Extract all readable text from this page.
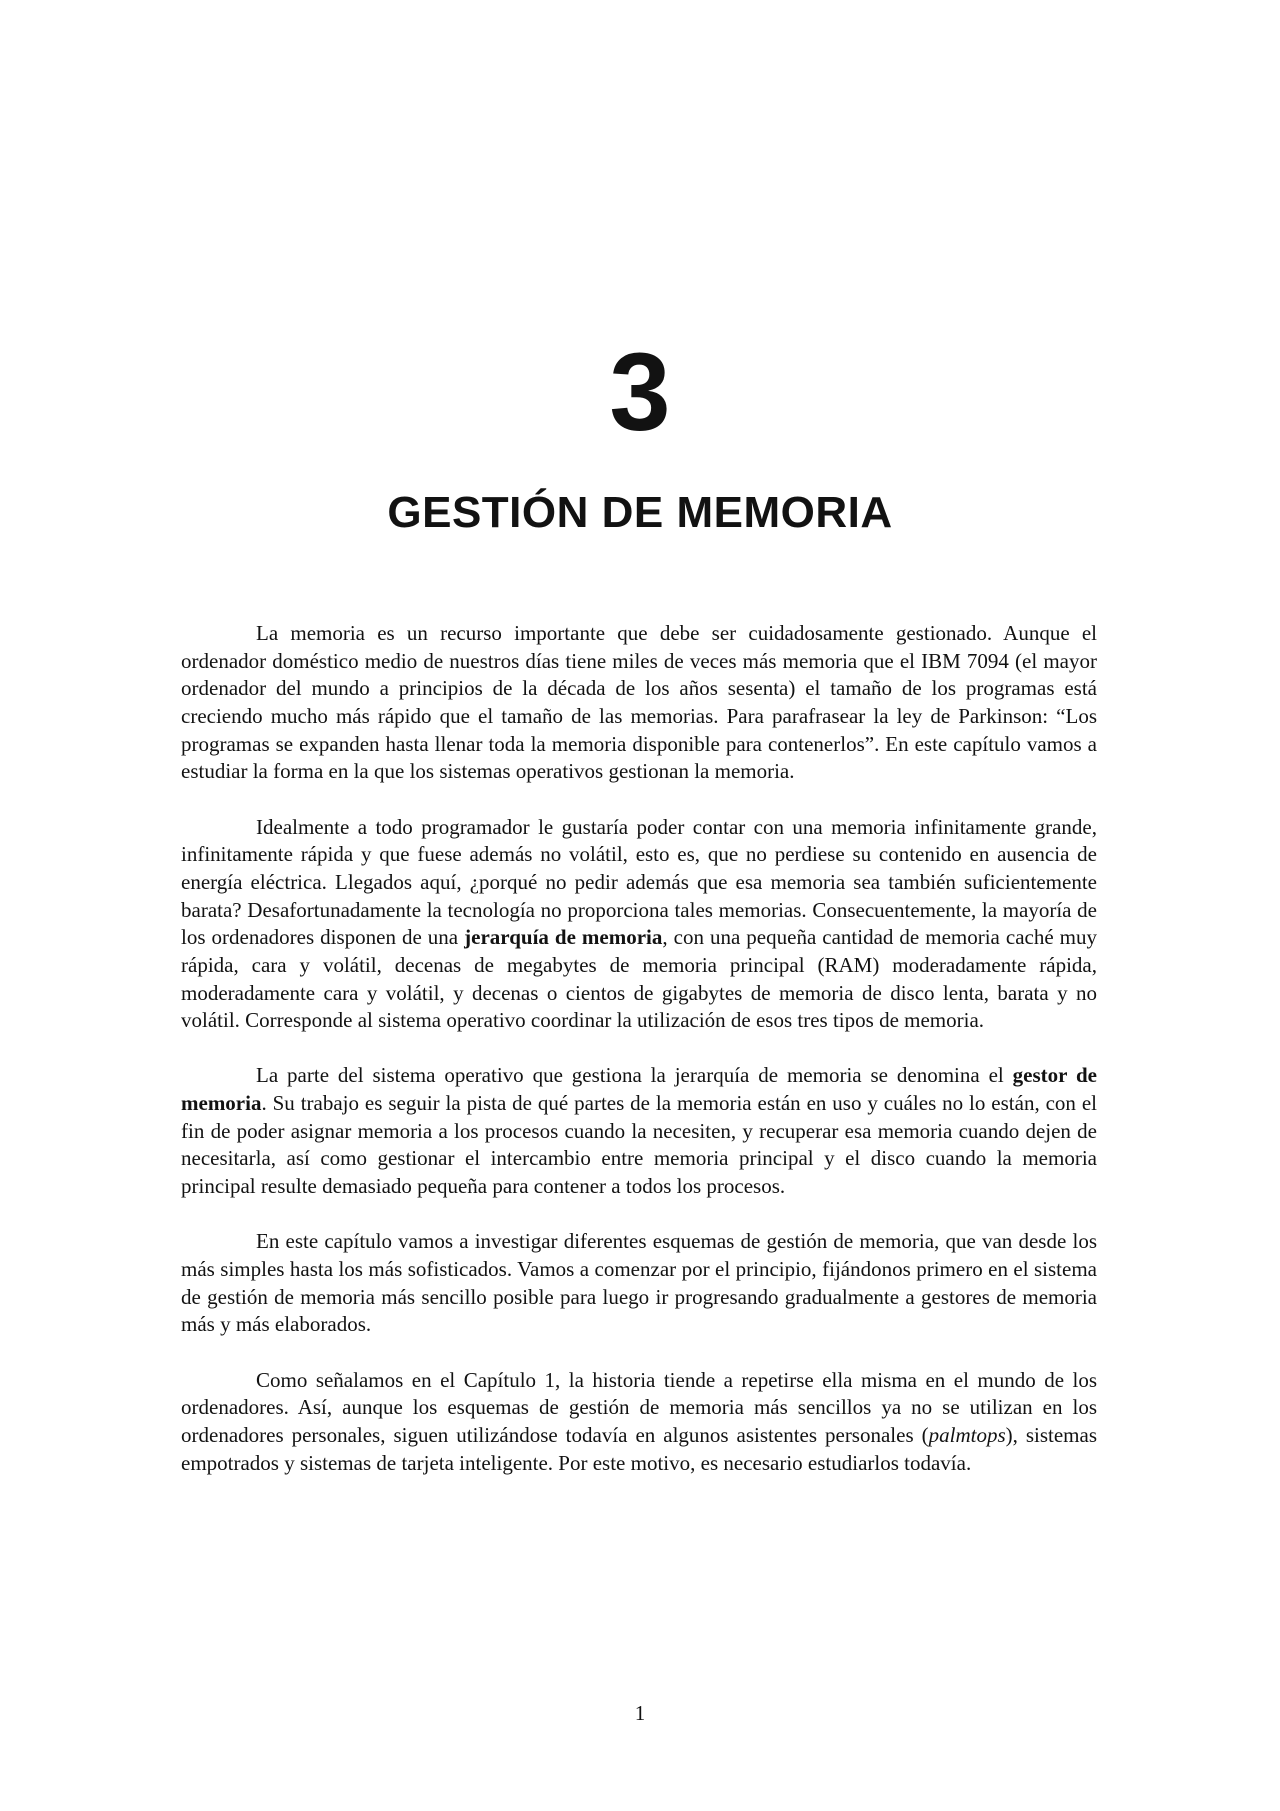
3
GESTIÓN DE MEMORIA

La memoria es un recurso importante que debe ser cuidadosamente gestionado. Aunque el ordenador doméstico medio de nuestros días tiene miles de veces más memoria que el IBM 7094 (el mayor ordenador del mundo a principios de la década de los años sesenta) el tamaño de los programas está creciendo mucho más rápido que el tamaño de las memorias. Para parafrasear la ley de Parkinson: “Los programas se expanden hasta llenar toda la memoria disponible para contenerlos”. En este capítulo vamos a estudiar la forma en la que los sistemas operativos gestionan la memoria.

Idealmente a todo programador le gustaría poder contar con una memoria infinitamente grande, infinitamente rápida y que fuese además no volátil, esto es, que no perdiese su contenido en ausencia de energía eléctrica. Llegados aquí, ¿porqué no pedir además que esa memoria sea también suficientemente barata? Desafortunadamente la tecnología no proporciona tales memorias. Consecuentemente, la mayoría de los ordenadores disponen de una jerarquía de memoria, con una pequeña cantidad de memoria caché muy rápida, cara y volátil, decenas de megabytes de memoria principal (RAM) moderadamente rápida, moderadamente cara y volátil, y decenas o cientos de gigabytes de memoria de disco lenta, barata y no volátil. Corresponde al sistema operativo coordinar la utilización de esos tres tipos de memoria.

La parte del sistema operativo que gestiona la jerarquía de memoria se denomina el gestor de memoria. Su trabajo es seguir la pista de qué partes de la memoria están en uso y cuáles no lo están, con el fin de poder asignar memoria a los procesos cuando la necesiten, y recuperar esa memoria cuando dejen de necesitarla, así como gestionar el intercambio entre memoria principal y el disco cuando la memoria principal resulte demasiado pequeña para contener a todos los procesos.

En este capítulo vamos a investigar diferentes esquemas de gestión de memoria, que van desde los más simples hasta los más sofisticados. Vamos a comenzar por el principio, fijándonos primero en el sistema de gestión de memoria más sencillo posible para luego ir progresando gradualmente a gestores de memoria más y más elaborados.

Como señalamos en el Capítulo 1, la historia tiende a repetirse ella misma en el mundo de los ordenadores. Así, aunque los esquemas de gestión de memoria más sencillos ya no se utilizan en los ordenadores personales, siguen utilizándose todavía en algunos asistentes personales (palmtops), sistemas empotrados y sistemas de tarjeta inteligente. Por este motivo, es necesario estudiarlos todavía.

1
